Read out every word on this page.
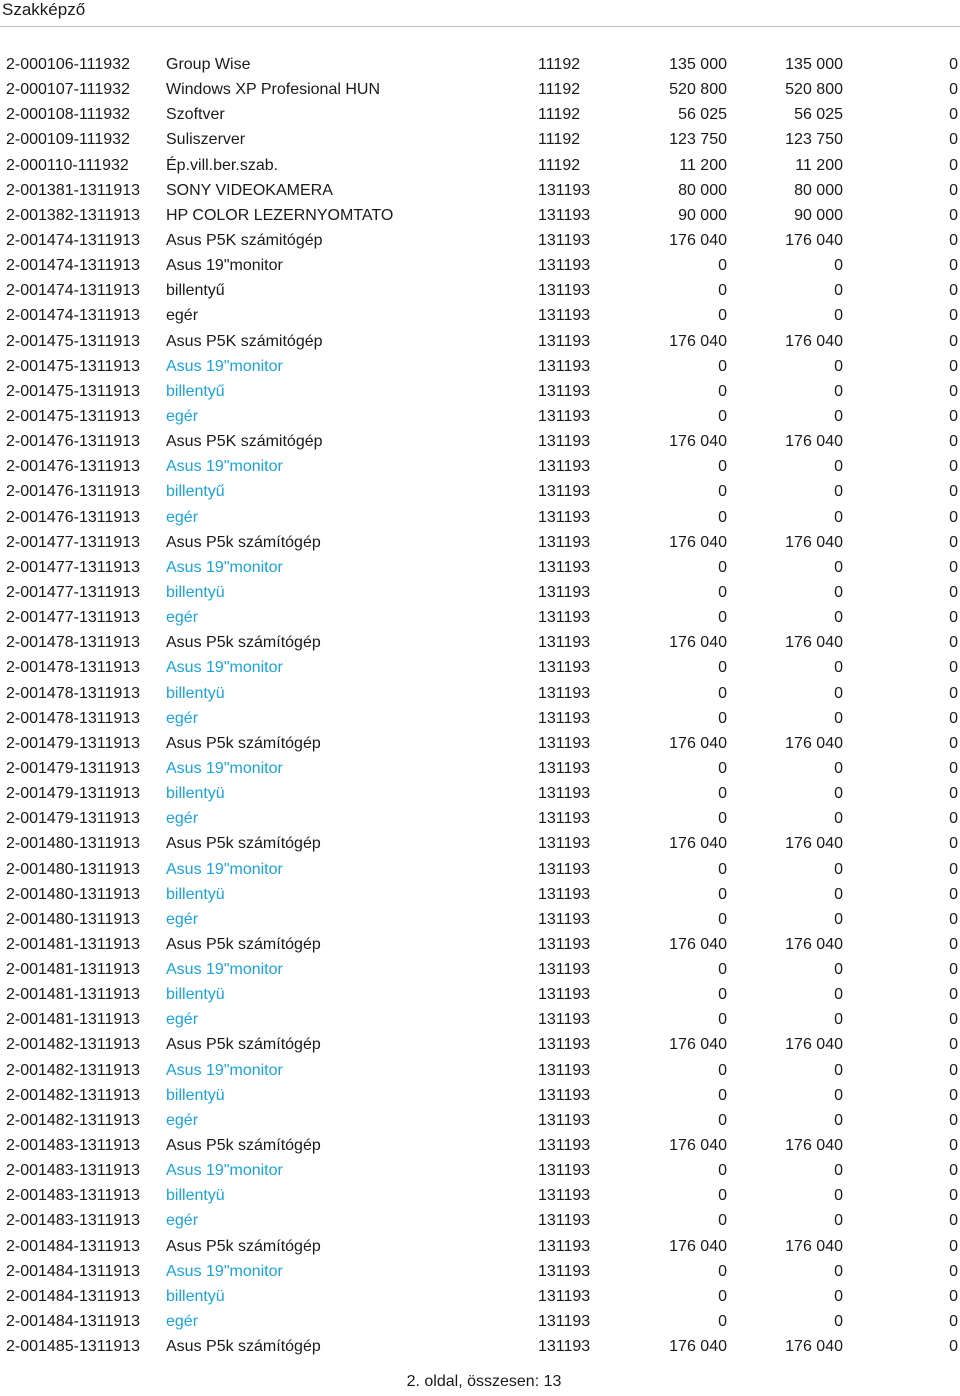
Szakképző
2-000106-111932 Group Wise	11192	135 000	135 000	0
2-000107-111932 Windows XP Profesional HUN	11192	520 800	520 800	0
2-000108-111932 Szoftver	11192	56 025	56 025	0
2-000109-111932 Suliszerver	11192	123 750	123 750	0
2-000110-111932 Ép.vill.ber.szab.	11192	11 200	11 200	0
2-001381-1311913 SONY VIDEOKAMERA	131193	80 000	80 000	0
2-001382-1311913 HP COLOR LEZERNYOMTATO	131193	90 000	90 000	0
2-001474-1311913 Asus P5K számitógép	131193	176 040	176 040	0
2-001474-1311913 Asus 19"monitor	131193	0	0	0
2-001474-1311913 billentyű	131193	0	0	0
2-001474-1311913 egér	131193	0	0	0
2-001475-1311913 Asus P5K számitógép	131193	176 040	176 040	0
2-001475-1311913 Asus 19"monitor	131193	0	0	0
2-001475-1311913 billentyű	131193	0	0	0
2-001475-1311913 egér	131193	0	0	0
2-001476-1311913 Asus P5K számitógép	131193	176 040	176 040	0
2-001476-1311913 Asus 19"monitor	131193	0	0	0
2-001476-1311913 billentyű	131193	0	0	0
2-001476-1311913 egér	131193	0	0	0
2-001477-1311913 Asus P5k számítógép	131193	176 040	176 040	0
2-001477-1311913 Asus 19"monitor	131193	0	0	0
2-001477-1311913 billentyü	131193	0	0	0
2-001477-1311913 egér	131193	0	0	0
2-001478-1311913 Asus P5k számítógép	131193	176 040	176 040	0
2-001478-1311913 Asus 19"monitor	131193	0	0	0
2-001478-1311913 billentyü	131193	0	0	0
2-001478-1311913 egér	131193	0	0	0
2-001479-1311913 Asus P5k számítógép	131193	176 040	176 040	0
2-001479-1311913 Asus 19"monitor	131193	0	0	0
2-001479-1311913 billentyü	131193	0	0	0
2-001479-1311913 egér	131193	0	0	0
2-001480-1311913 Asus P5k számítógép	131193	176 040	176 040	0
2-001480-1311913 Asus 19"monitor	131193	0	0	0
2-001480-1311913 billentyü	131193	0	0	0
2-001480-1311913 egér	131193	0	0	0
2-001481-1311913 Asus P5k számítógép	131193	176 040	176 040	0
2-001481-1311913 Asus 19"monitor	131193	0	0	0
2-001481-1311913 billentyü	131193	0	0	0
2-001481-1311913 egér	131193	0	0	0
2-001482-1311913 Asus P5k számítógép	131193	176 040	176 040	0
2-001482-1311913 Asus 19"monitor	131193	0	0	0
2-001482-1311913 billentyü	131193	0	0	0
2-001482-1311913 egér	131193	0	0	0
2-001483-1311913 Asus P5k számítógép	131193	176 040	176 040	0
2-001483-1311913 Asus 19"monitor	131193	0	0	0
2-001483-1311913 billentyü	131193	0	0	0
2-001483-1311913 egér	131193	0	0	0
2-001484-1311913 Asus P5k számítógép	131193	176 040	176 040	0
2-001484-1311913 Asus 19"monitor	131193	0	0	0
2-001484-1311913 billentyü	131193	0	0	0
2-001484-1311913 egér	131193	0	0	0
2-001485-1311913 Asus P5k számítógép	131193	176 040	176 040	0
2. oldal, összesen: 13
